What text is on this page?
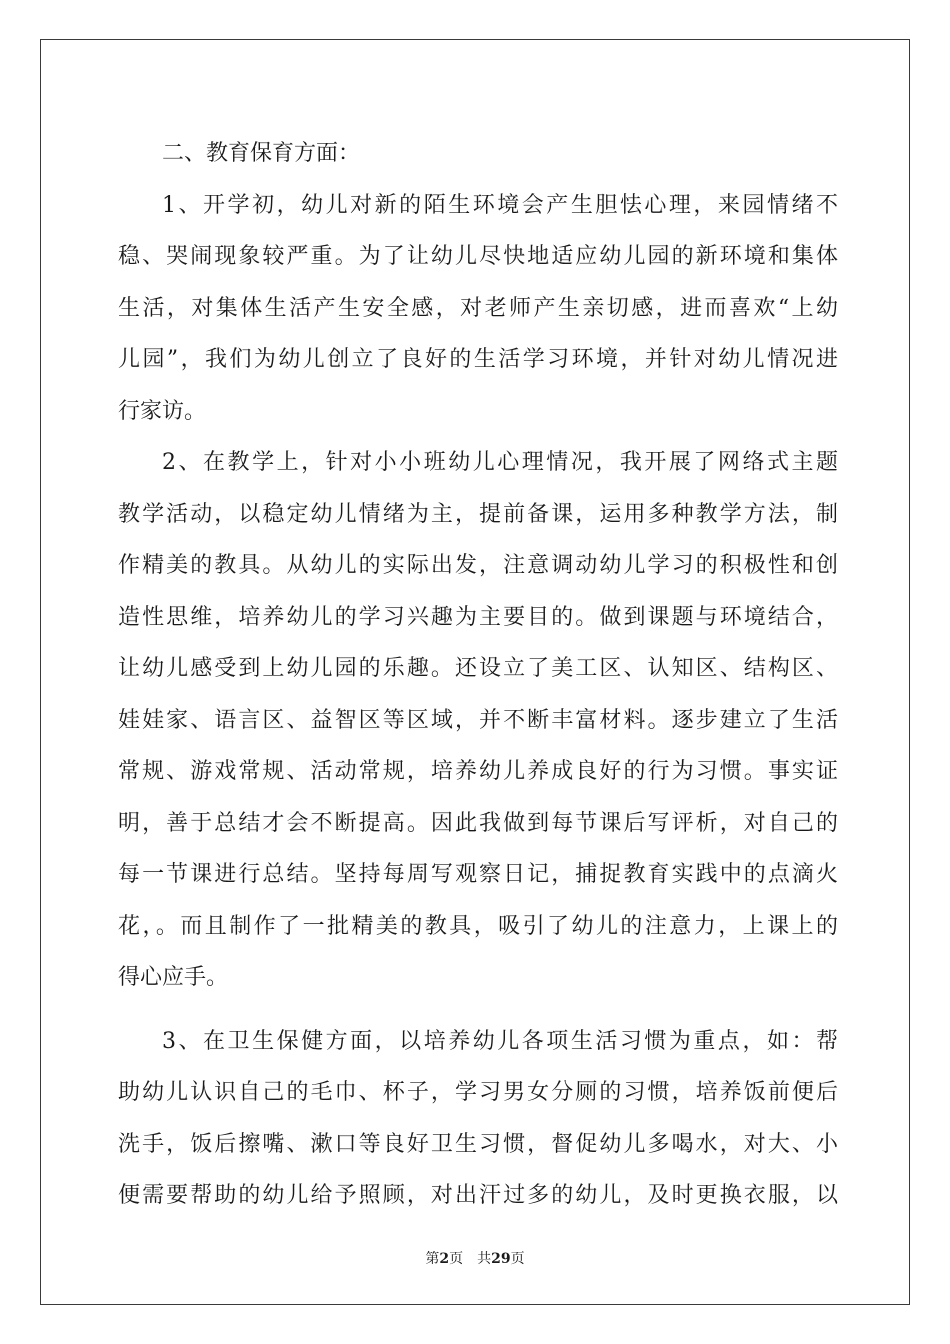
二、教育保育方面：
1、开学初，幼儿对新的陌生环境会产生胆怯心理，来园情绪不
稳、哭闹现象较严重。为了让幼儿尽快地适应幼儿园的新环境和集体
生活，对集体生活产生安全感，对老师产生亲切感，进而喜欢“上幼
儿园”，我们为幼儿创立了良好的生活学习环境，并针对幼儿情况进
行家访。
2、在教学上，针对小小班幼儿心理情况，我开展了网络式主题
教学活动，以稳定幼儿情绪为主，提前备课，运用多种教学方法，制
作精美的教具。从幼儿的实际出发，注意调动幼儿学习的积极性和创
造性思维，培养幼儿的学习兴趣为主要目的。做到课题与环境结合，
让幼儿感受到上幼儿园的乐趣。还设立了美工区、认知区、结构区、
娃娃家、语言区、益智区等区域，并不断丰富材料。逐步建立了生活
常规、游戏常规、活动常规，培养幼儿养成良好的行为习惯。事实证
明，善于总结才会不断提高。因此我做到每节课后写评析，对自己的
每一节课进行总结。坚持每周写观察日记，捕捉教育实践中的点滴火
花，。而且制作了一批精美的教具，吸引了幼儿的注意力，上课上的
得心应手。
3、在卫生保健方面，以培养幼儿各项生活习惯为重点，如：帮
助幼儿认识自己的毛巾、杯子，学习男女分厕的习惯，培养饭前便后
洗手，饭后擦嘴、漱口等良好卫生习惯，督促幼儿多喝水，对大、小
便需要帮助的幼儿给予照顾，对出汗过多的幼儿，及时更换衣服，以
第2页 共29页
